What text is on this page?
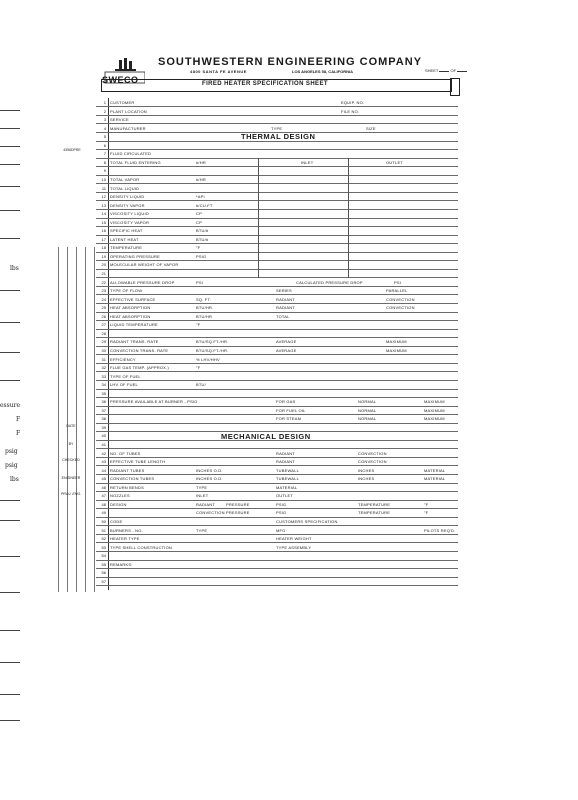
lbs
essure
F
F
psig
psig
lbs
4356DPRE
DATE
BY
CHECKED
ENGINEER
PROJ. ENG.
SWECO
SOUTHWESTERN ENGINEERING COMPANY
4800 SANTA FE AVENUE	LOS ANGELES 58, CALIFORNIA	SHEET	OF
FIRED HEATER SPECIFICATION SHEET
1 CUSTOMER	EQUIP. NO.
2 PLANT LOCATION	FILE NO.
3 SERVICE
4 MANUFACTURER	TYPE	SIZE
5
6
THERMAL DESIGN
7 FLUID CIRCULATED
8 TOTAL FLUID ENTERING	#/HR	INLET	OUTLET
9
10 TOTAL VAPOR	#/HR
11 TOTAL LIQUID
12 DENSITY LIQUID	*API
13 DENSITY VAPOR	#/CU.FT
14 VISCOSITY LIQUID	CP
15 VISCOSITY VAPOR	CP
16 SPECIFIC HEAT	BTU/#
17 LATENT HEAT	BTU/#
18 TEMPERATURE	°F
19 OPERATING PRESSURE	PSIG
20 MOLECULAR WEIGHT OF VAPOR
21
22 ALLOWABLE PRESSURE DROP	PSI	CALCULATED PRESSURE DROP	PSI
23 TYPE OF FLOW	SERIES	PARALLEL
24 EFFECTIVE SURFACE	SQ. FT.	RADIANT	CONVECTION
25 HEAT ABSORPTION	BTU/HR.	RADIANT	CONVECTION
26 HEAT ABSORPTION	BTU/HR	TOTAL
27 LIQUID TEMPERATURE	°F
28
29 RADIANT TRANS. RATE	BTU/SQ.FT./HR.	AVERAGE	MAXIMUM
30 CONVECTION TRANS. RATE	BTU/SQ.FT./HR.	AVERAGE	MAXIMUM
31 EFFICIENCY	% LHV/HHV
32 FLUE GAS TEMP. (APPROX.)	°F
33 TYPE OF FUEL
34 LHV OF FUEL	BTU/
35
36 PRESSURE AVAILABLE AT BURNER - PSIG	FOR GAS	NORMAL	MAXIMUM
37	FOR FUEL OIL	NORMAL	MAXIMUM
38	FOR STEAM	NORMAL	MAXIMUM
39
40	MECHANICAL DESIGN
41
42 NO. OF TUBES	RADIANT	CONVECTION
43 EFFECTIVE TUBE LENGTH	RADIANT	CONVECTION
44 RADIANT TUBES	INCHES O.D.	TUBEWALL	INCHES	MATERIAL
45 CONVECTION TUBES	INCHES O.D.	TUBEWALL	INCHES	MATERIAL
46 RETURN BENDS	TYPE	MATERIAL
47 NOZZLES	INLET	OUTLET
48 DESIGN	RADIANT	PRESSURE	PSIG	TEMPERATURE	°F
49	CONVECTION PRESSURE	PSIG	TEMPERATURE	°F
50 CODE	CUSTOMERS SPECIFICATION
51 BURNERS - NO.	TYPE	MFG.	PILOTS REQ'D.
52 HEATER TYPE	HEATER WEIGHT
53 TYPE SHELL CONSTRUCTION	TYPE ASSEMBLY
54
55 REMARKS:
56
57
